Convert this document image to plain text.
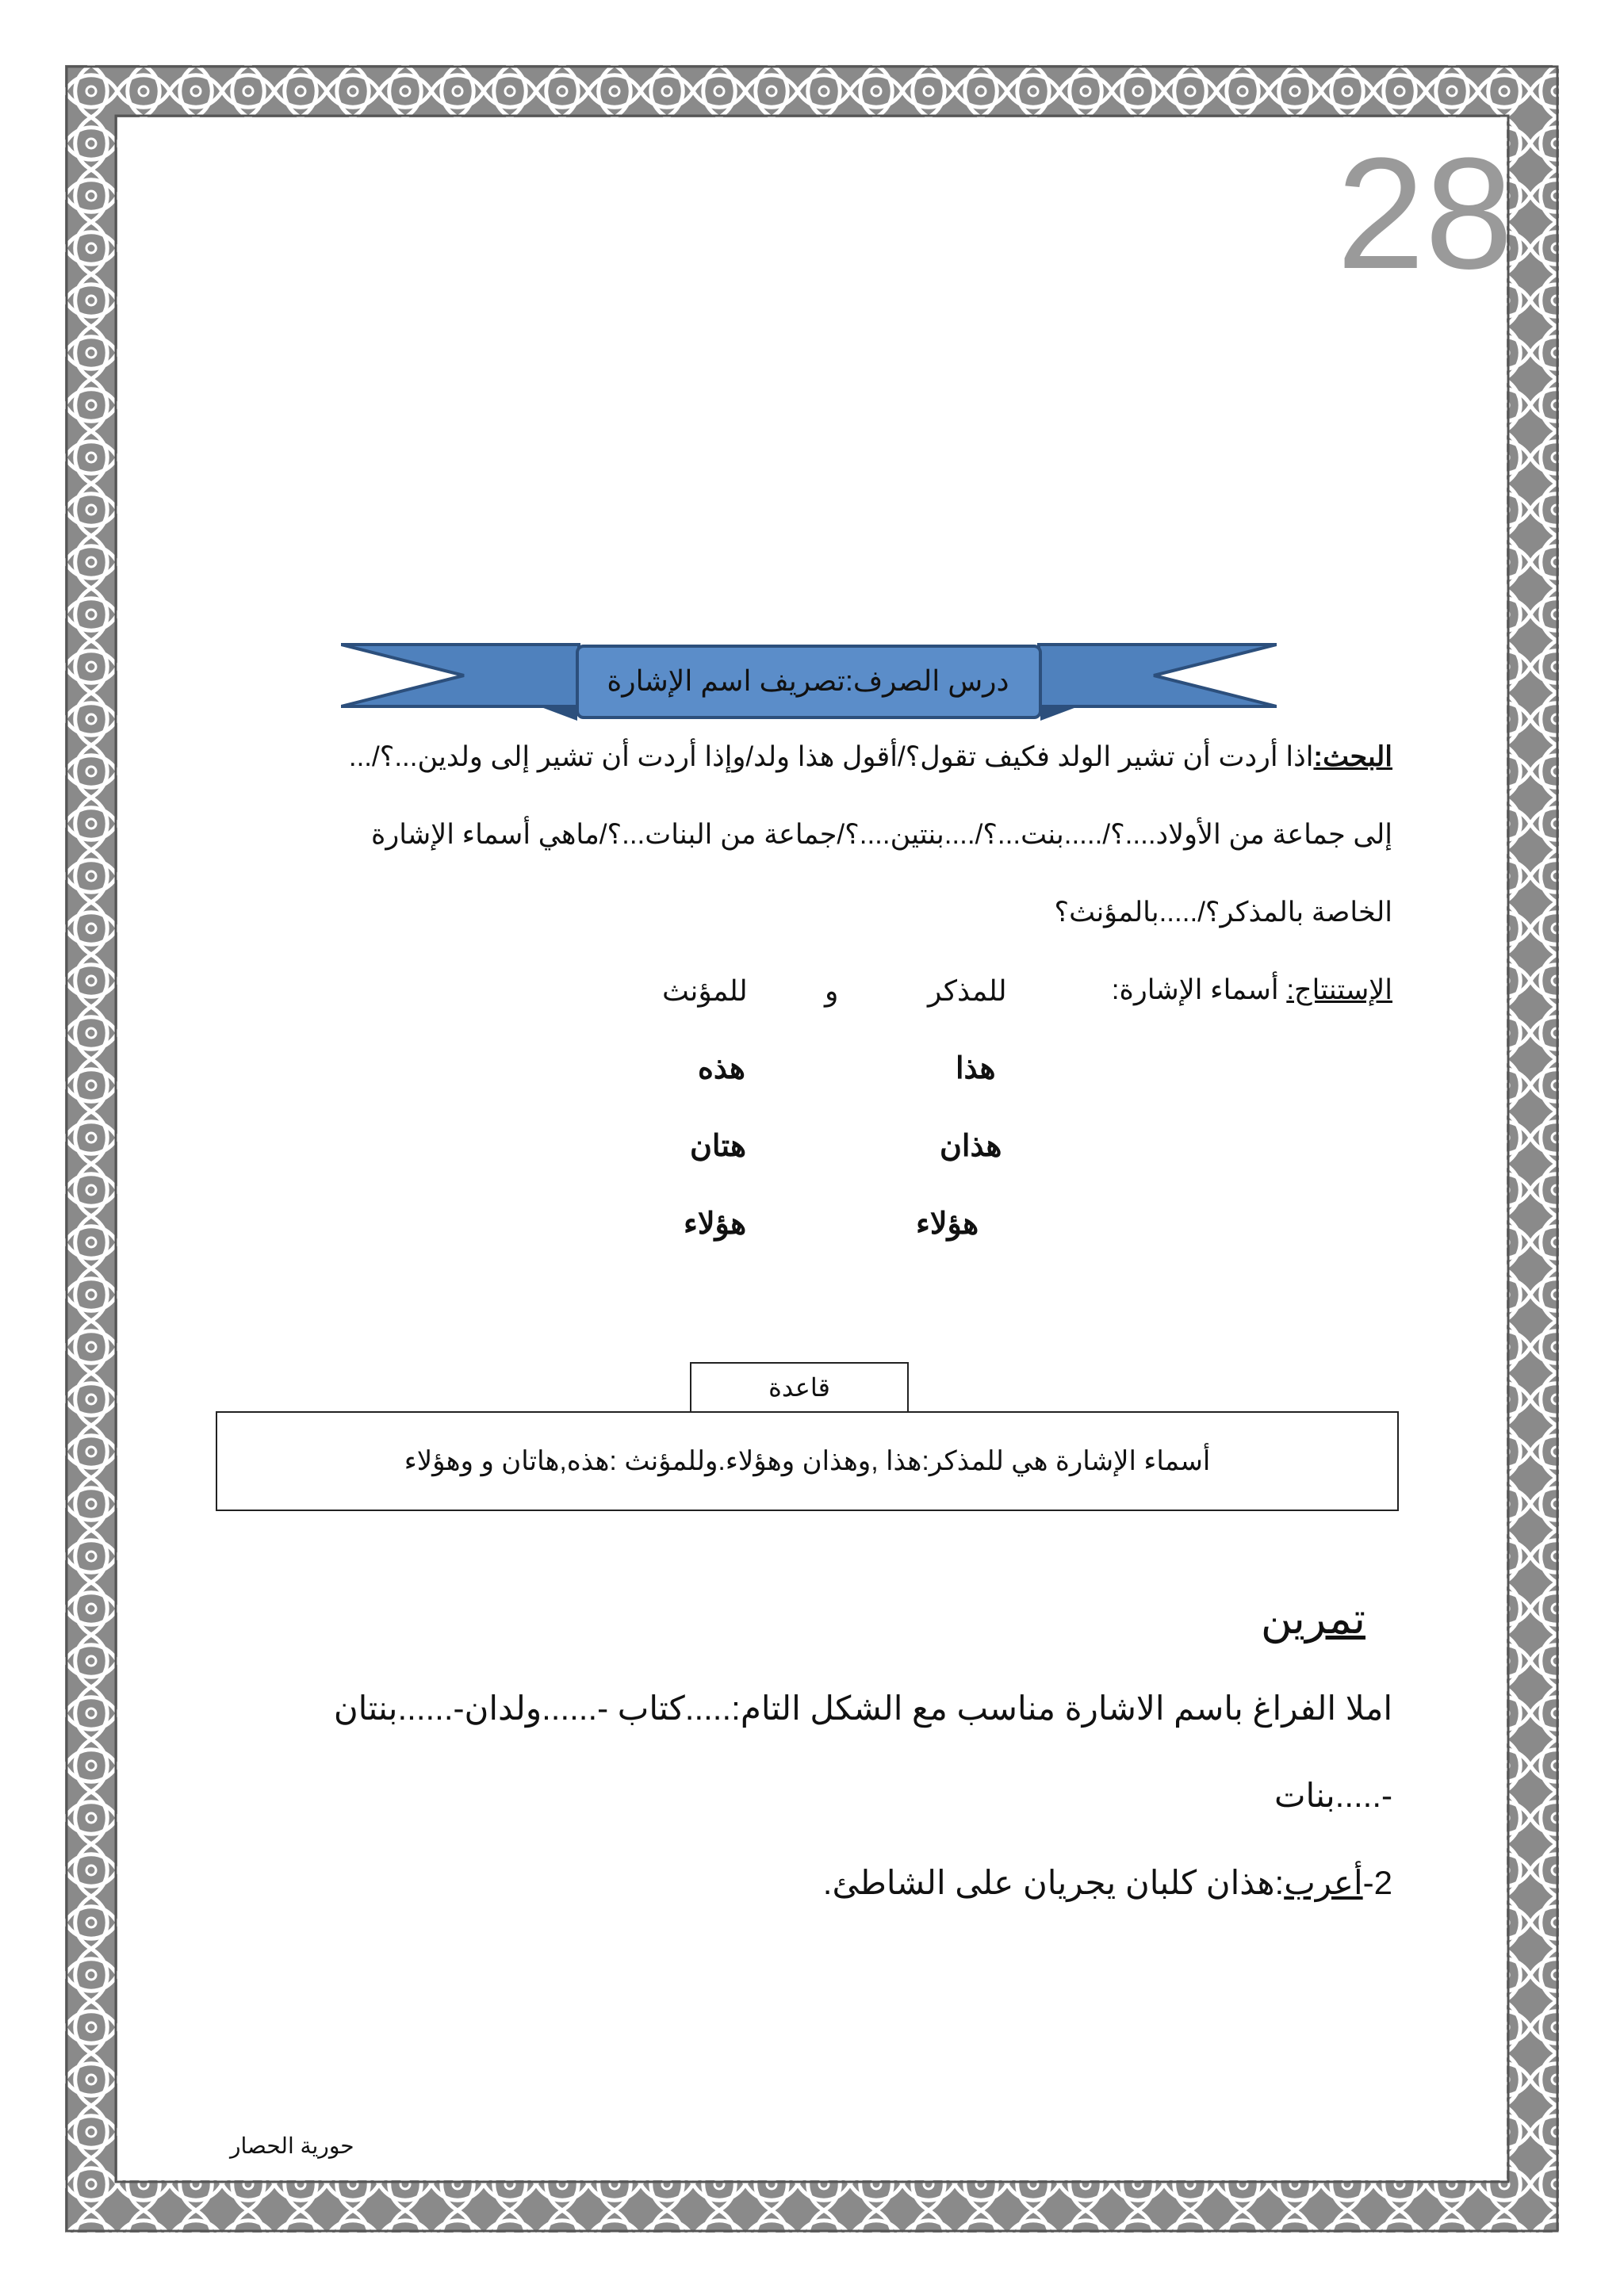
28
درس الصرف:تصريف اسم الإشارة
البحث:اذا أردت أن تشير الولد فكيف تقول؟/أقول هذا ولد/وإذا أردت أن تشير إلى ولدين...؟/...
إلى جماعة من الأولاد....؟/.....بنت...؟/....بنتين....؟/جماعة من البنات...؟/ماهي أسماء الإشارة
الخاصة بالمذكر؟/.....بالمؤنث؟
الإستنتاج: أسماء الإشارة:
للمذكر
و
للمؤنث
هذا
هذان
هؤلاء
هذه
هتان
هؤلاء
قاعدة
أسماء الإشارة هي للمذكر:هذا ,وهذان وهؤلاء.وللمؤنث :هذه,هاتان و وهؤلاء
تمرين
املا الفراغ باسم الاشارة مناسب مع الشكل التام:.....كتاب -......ولدان-......بنتان
-.....بنات
2-أعرب:هذان كلبان يجريان على الشاطئ.
حورية الحصار
